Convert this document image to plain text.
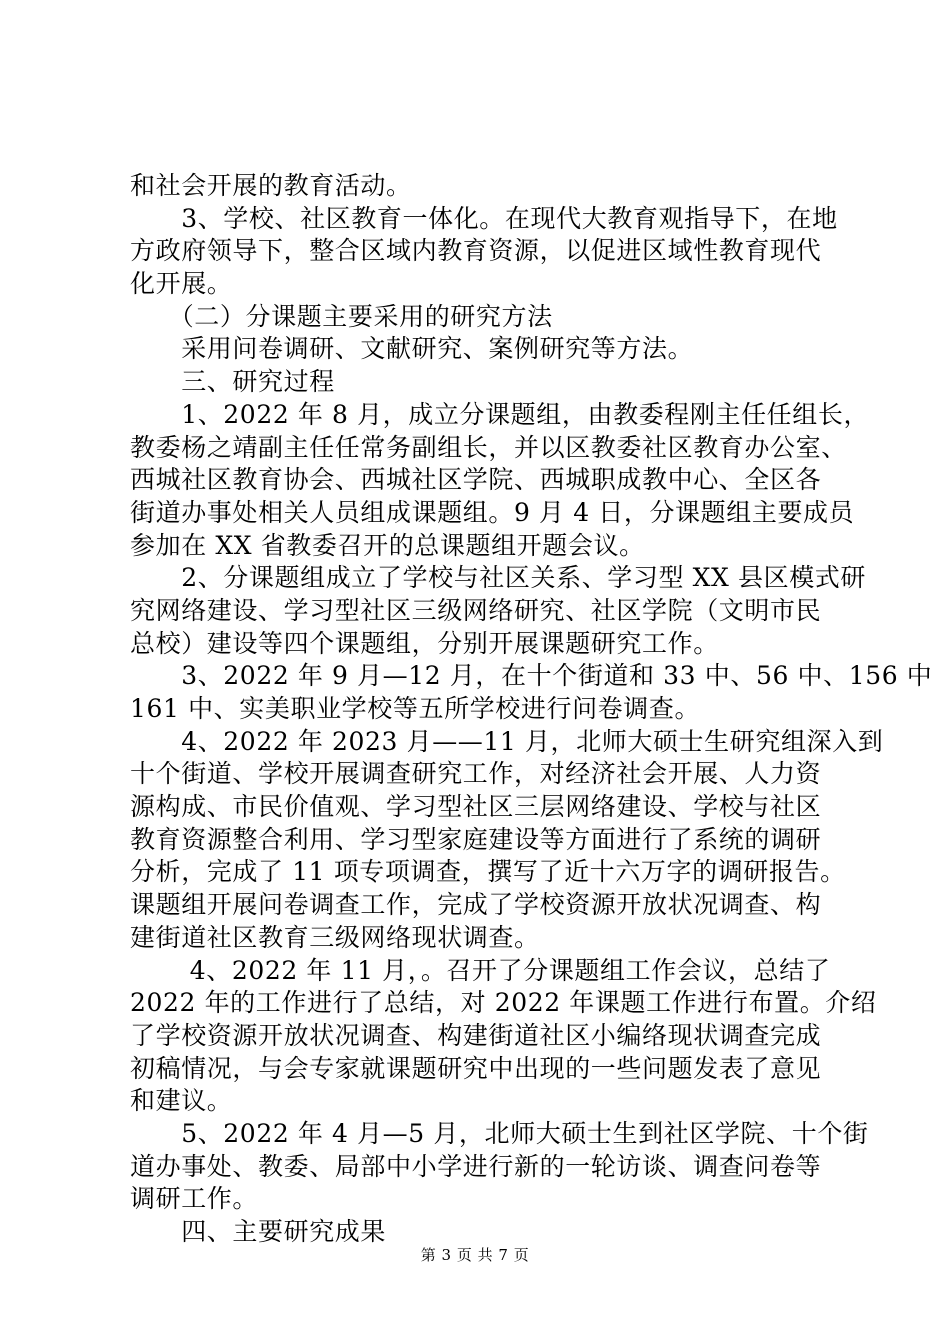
和社会开展的教育活动。
　　3、学校、社区教育一体化。在现代大教育观指导下，在地
方政府领导下，整合区域内教育资源，以促进区域性教育现代
化开展。
　　（二）分课题主要采用的研究方法
　　采用问卷调研、文献研究、案例研究等方法。
　　三、研究过程
　　1、2022 年 8 月，成立分课题组，由教委程刚主任任组长，
教委杨之靖副主任任常务副组长，并以区教委社区教育办公室、
西城社区教育协会、西城社区学院、西城职成教中心、全区各
街道办事处相关人员组成课题组。9 月 4 日，分课题组主要成员
参加在 XX 省教委召开的总课题组开题会议。
　　2、分课题组成立了学校与社区关系、学习型 XX 县区模式研
究网络建设、学习型社区三级网络研究、社区学院（文明市民
总校）建设等四个课题组，分别开展课题研究工作。
　　3、2022 年 9 月—12 月，在十个街道和 33 中、56 中、156 中
161 中、实美职业学校等五所学校进行问卷调查。
　　4、2022 年 2023 月——11 月，北师大硕士生研究组深入到
十个街道、学校开展调查研究工作，对经济社会开展、人力资
源构成、市民价值观、学习型社区三层网络建设、学校与社区
教育资源整合利用、学习型家庭建设等方面进行了系统的调研
分析，完成了 11 项专项调查，撰写了近十六万字的调研报告。
课题组开展问卷调查工作，完成了学校资源开放状况调查、构
建街道社区教育三级网络现状调查。
　　 4、2022 年 11 月，。召开了分课题组工作会议，总结了
2022 年的工作进行了总结，对 2022 年课题工作进行布置。介绍
了学校资源开放状况调查、构建街道社区小编络现状调查完成
初稿情况，与会专家就课题研究中出现的一些问题发表了意见
和建议。
　　5、2022 年 4 月—5 月，北师大硕士生到社区学院、十个街
道办事处、教委、局部中小学进行新的一轮访谈、调查问卷等
调研工作。
　　四、主要研究成果
第 3 页 共 7 页
